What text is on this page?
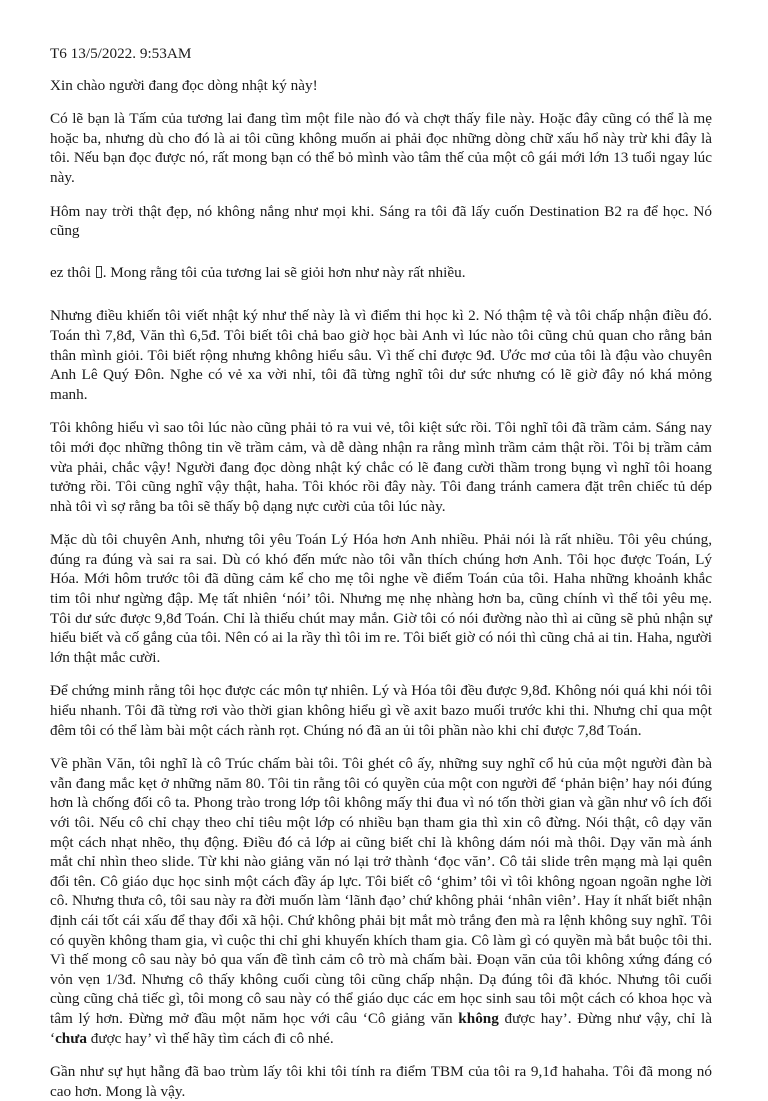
T6 13/5/2022. 9:53AM

Xin chào người đang đọc dòng nhật ký này!

Có lẽ bạn là Tấm của tương lai đang tìm một file nào đó và chợt thấy file này. Hoặc đây cũng có thể là mẹ hoặc ba, nhưng dù cho đó là ai tôi cũng không muốn ai phải đọc những dòng chữ xấu hổ này trừ khi đây là tôi. Nếu bạn đọc được nó, rất mong bạn có thể bỏ mình vào tâm thế của một cô gái mới lớn 13 tuổi ngay lúc này.

Hôm nay trời thật đẹp, nó không nắng như mọi khi. Sáng ra tôi đã lấy cuốn Destination B2 ra để học. Nó cũng

ez thôi . Mong rằng tôi của tương lai sẽ giỏi hơn như này rất nhiều.

Nhưng điều khiến tôi viết nhật ký như thế này là vì điểm thi học kì 2. Nó thậm tệ và tôi chấp nhận điều đó. Toán thì 7,8đ, Văn thì 6,5đ. Tôi biết tôi chả bao giờ học bài Anh vì lúc nào tôi cũng chủ quan cho rằng bản thân mình giỏi. Tôi biết rộng nhưng không hiểu sâu. Vì thế chỉ được 9đ. Ước mơ của tôi là đậu vào chuyên Anh Lê Quý Đôn. Nghe có vẻ xa vời nhỉ, tôi đã từng nghĩ tôi dư sức nhưng có lẽ giờ đây nó khá mỏng manh.

Tôi không hiểu vì sao tôi lúc nào cũng phải tỏ ra vui vẻ, tôi kiệt sức rồi. Tôi nghĩ tôi đã trầm cảm. Sáng nay tôi mới đọc những thông tin về trầm cảm, và dễ dàng nhận ra rằng mình trầm cảm thật rồi. Tôi bị trầm cảm vừa phải, chắc vậy! Người đang đọc dòng nhật ký chắc có lẽ đang cười thầm trong bụng vì nghĩ tôi hoang tưởng rồi. Tôi cũng nghĩ vậy thật, haha. Tôi khóc rồi đây này. Tôi đang tránh camera đặt trên chiếc tủ dép nhà tôi vì sợ rằng ba tôi sẽ thấy bộ dạng nực cười của tôi lúc này.

Mặc dù tôi chuyên Anh, nhưng tôi yêu Toán Lý Hóa hơn Anh nhiều. Phải nói là rất nhiều. Tôi yêu chúng, đúng ra đúng và sai ra sai. Dù có khó đến mức nào tôi vẫn thích chúng hơn Anh. Tôi học được Toán, Lý Hóa. Mới hôm trước tôi đã dũng cảm kể cho mẹ tôi nghe về điểm Toán của tôi. Haha những khoảnh khắc tim tôi như ngừng đập. Mẹ tất nhiên ‘nói’ tôi. Nhưng mẹ nhẹ nhàng hơn ba, cũng chính vì thế tôi yêu mẹ. Tôi dư sức được 9,8đ Toán. Chỉ là thiếu chút may mắn. Giờ tôi có nói đường nào thì ai cũng sẽ phủ nhận sự hiểu biết và cố gắng của tôi. Nên có ai la rầy thì tôi im re. Tôi biết giờ có nói thì cũng chả ai tin. Haha, người lớn thật mắc cười.

Để chứng minh rằng tôi học được các môn tự nhiên. Lý và Hóa tôi đều được 9,8đ. Không nói quá khi nói tôi hiểu nhanh. Tôi đã từng rơi vào thời gian không hiểu gì về axit bazo muối trước khi thi. Nhưng chỉ qua một đêm tôi có thể làm bài một cách rành rọt. Chúng nó đã an ủi tôi phần nào khi chỉ được 7,8đ Toán.

Về phần Văn, tôi nghĩ là cô Trúc chấm bài tôi. Tôi ghét cô ấy, những suy nghĩ cổ hủ của một người đàn bà vẫn đang mắc kẹt ở những năm 80. Tôi tin rằng tôi có quyền của một con người để ‘phản biện’ hay nói đúng hơn là chống đối cô ta. Phong trào trong lớp tôi không mấy thi đua vì nó tốn thời gian và gần như vô ích đối với tôi. Nếu cô chỉ chạy theo chỉ tiêu một lớp có nhiều bạn tham gia thì xin cô đừng. Nói thật, cô dạy văn một cách nhạt nhẽo, thụ động. Điều đó cả lớp ai cũng biết chỉ là không dám nói mà thôi. Dạy văn mà ánh mắt chỉ nhìn theo slide. Từ khi nào giảng văn nó lại trở thành ‘đọc văn’. Cô tải slide trên mạng mà lại quên đổi tên. Cô giáo dục học sinh một cách đầy áp lực. Tôi biết cô ‘ghim’ tôi vì tôi không ngoan ngoãn nghe lời cô. Nhưng thưa cô, tôi sau này ra đời muốn làm ‘lãnh đạo’ chứ không phải ‘nhân viên’. Hay ít nhất biết nhận định cái tốt cái xấu để thay đổi xã hội. Chứ không phải bịt mắt mò trắng đen mà ra lệnh không suy nghĩ. Tôi có quyền không tham gia, vì cuộc thi chỉ ghi khuyến khích tham gia. Cô làm gì có quyền mà bắt buộc tôi thi. Vì thế mong cô sau này bỏ qua vấn đề tình cảm cô trò mà chấm bài. Đoạn văn của tôi không xứng đáng có vỏn vẹn 1/3đ. Nhưng cô thấy không cuối cùng tôi cũng chấp nhận. Dạ đúng tôi đã khóc. Nhưng tôi cuối cùng cũng chả tiếc gì, tôi mong cô sau này có thể giáo dục các em học sinh sau tôi một cách có khoa học và tâm lý hơn. Đừng mở đầu một năm học với câu ‘Cô giảng văn không được hay’. Đừng như vậy, chỉ là ‘chưa được hay’ vì thế hãy tìm cách đi cô nhé.

Gần như sự hụt hẫng đã bao trùm lấy tôi khi tôi tính ra điểm TBM của tôi ra 9,1đ hahaha. Tôi đã mong nó cao hơn. Mong là vậy.
